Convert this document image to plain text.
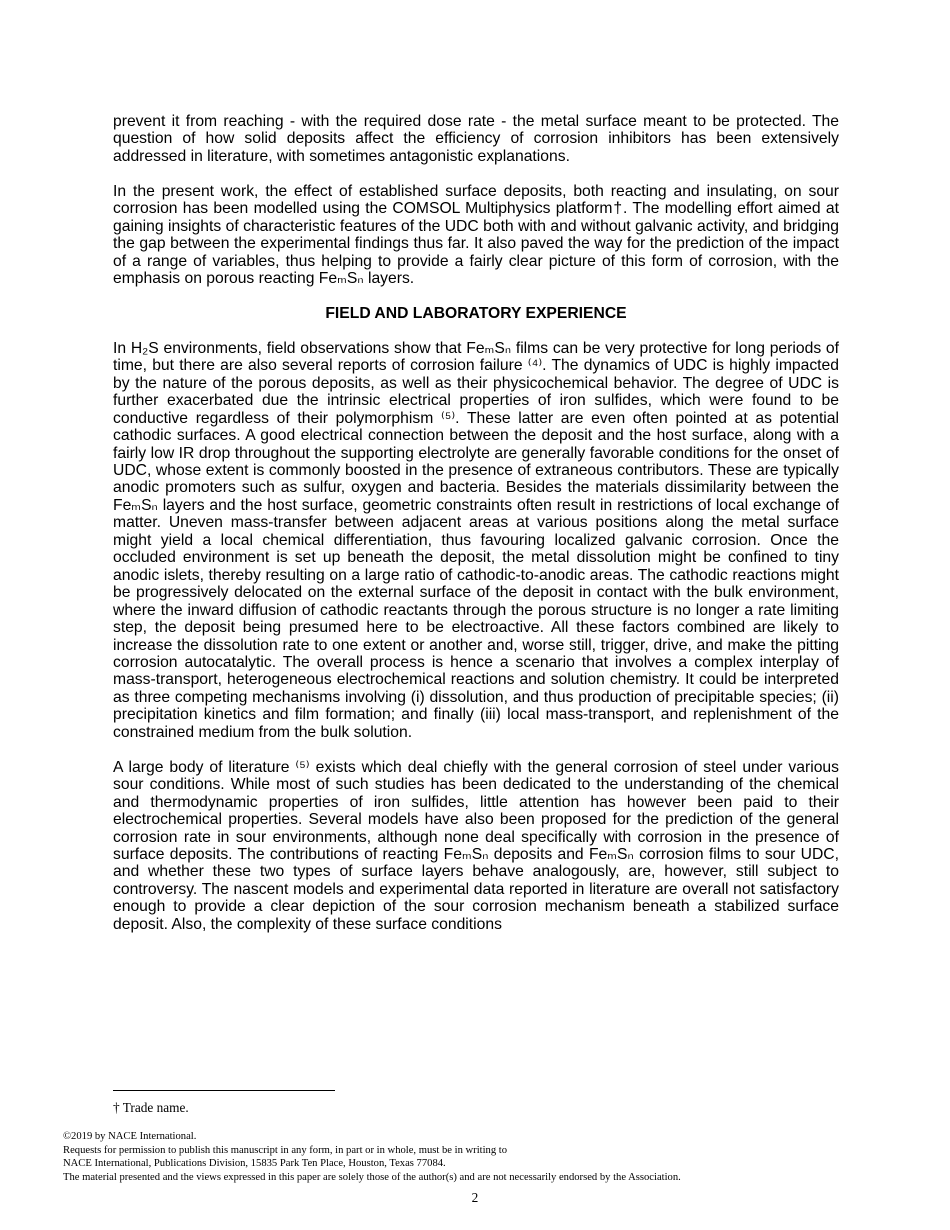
prevent it from reaching - with the required dose rate - the metal surface meant to be protected. The question of how solid deposits affect the efficiency of corrosion inhibitors has been extensively addressed in literature, with sometimes antagonistic explanations.

In the present work, the effect of established surface deposits, both reacting and insulating, on sour corrosion has been modelled using the COMSOL Multiphysics platform†. The modelling effort aimed at gaining insights of characteristic features of the UDC both with and without galvanic activity, and bridging the gap between the experimental findings thus far. It also paved the way for the prediction of the impact of a range of variables, thus helping to provide a fairly clear picture of this form of corrosion, with the emphasis on porous reacting FeₘSₙ layers.

FIELD AND LABORATORY EXPERIENCE

In H₂S environments, field observations show that FeₘSₙ films can be very protective for long periods of time, but there are also several reports of corrosion failure ⁽⁴⁾. The dynamics of UDC is highly impacted by the nature of the porous deposits, as well as their physicochemical behavior. The degree of UDC is further exacerbated due the intrinsic electrical properties of iron sulfides, which were found to be conductive regardless of their polymorphism ⁽⁵⁾. These latter are even often pointed at as potential cathodic surfaces. A good electrical connection between the deposit and the host surface, along with a fairly low IR drop throughout the supporting electrolyte are generally favorable conditions for the onset of UDC, whose extent is commonly boosted in the presence of extraneous contributors. These are typically anodic promoters such as sulfur, oxygen and bacteria. Besides the materials dissimilarity between the FeₘSₙ layers and the host surface, geometric constraints often result in restrictions of local exchange of matter. Uneven mass-transfer between adjacent areas at various positions along the metal surface might yield a local chemical differentiation, thus favouring localized galvanic corrosion. Once the occluded environment is set up beneath the deposit, the metal dissolution might be confined to tiny anodic islets, thereby resulting on a large ratio of cathodic-to-anodic areas. The cathodic reactions might be progressively delocated on the external surface of the deposit in contact with the bulk environment, where the inward diffusion of cathodic reactants through the porous structure is no longer a rate limiting step, the deposit being presumed here to be electroactive. All these factors combined are likely to increase the dissolution rate to one extent or another and, worse still, trigger, drive, and make the pitting corrosion autocatalytic. The overall process is hence a scenario that involves a complex interplay of mass-transport, heterogeneous electrochemical reactions and solution chemistry. It could be interpreted as three competing mechanisms involving (i) dissolution, and thus production of precipitable species; (ii) precipitation kinetics and film formation; and finally (iii) local mass-transport, and replenishment of the constrained medium from the bulk solution.

A large body of literature ⁽⁵⁾ exists which deal chiefly with the general corrosion of steel under various sour conditions. While most of such studies has been dedicated to the understanding of the chemical and thermodynamic properties of iron sulfides, little attention has however been paid to their electrochemical properties. Several models have also been proposed for the prediction of the general corrosion rate in sour environments, although none deal specifically with corrosion in the presence of surface deposits. The contributions of reacting FeₘSₙ deposits and FeₘSₙ corrosion films to sour UDC, and whether these two types of surface layers behave analogously, are, however, still subject to controversy. The nascent models and experimental data reported in literature are overall not satisfactory enough to provide a clear depiction of the sour corrosion mechanism beneath a stabilized surface deposit. Also, the complexity of these surface conditions

† Trade name.
©2019 by NACE International.
Requests for permission to publish this manuscript in any form, in part or in whole, must be in writing to
NACE International, Publications Division, 15835 Park Ten Place, Houston, Texas 77084.
The material presented and the views expressed in this paper are solely those of the author(s) and are not necessarily endorsed by the Association.
2
